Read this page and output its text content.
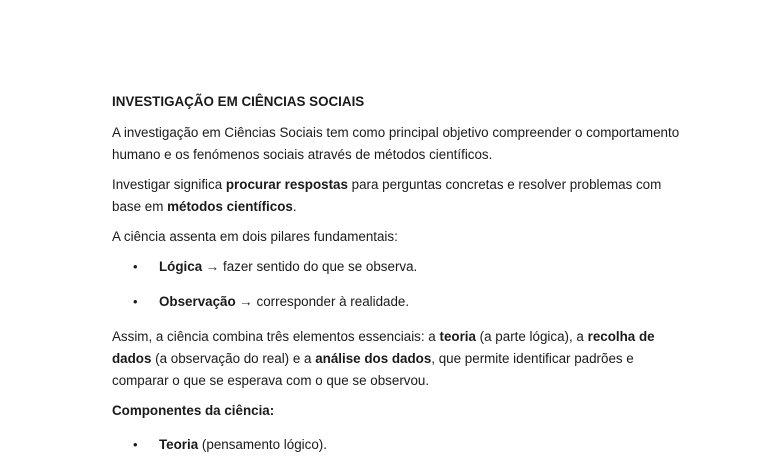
INVESTIGAÇÃO EM CIÊNCIAS SOCIAIS

A investigação em Ciências Sociais tem como principal objetivo compreender o comportamento humano e os fenómenos sociais através de métodos científicos.

Investigar significa procurar respostas para perguntas concretas e resolver problemas com base em métodos científicos.

A ciência assenta em dois pilares fundamentais:

• Lógica → fazer sentido do que se observa.
• Observação → corresponder à realidade.

Assim, a ciência combina três elementos essenciais: a teoria (a parte lógica), a recolha de dados (a observação do real) e a análise dos dados, que permite identificar padrões e comparar o que se esperava com o que se observou.

Componentes da ciência:

• Teoria (pensamento lógico).
